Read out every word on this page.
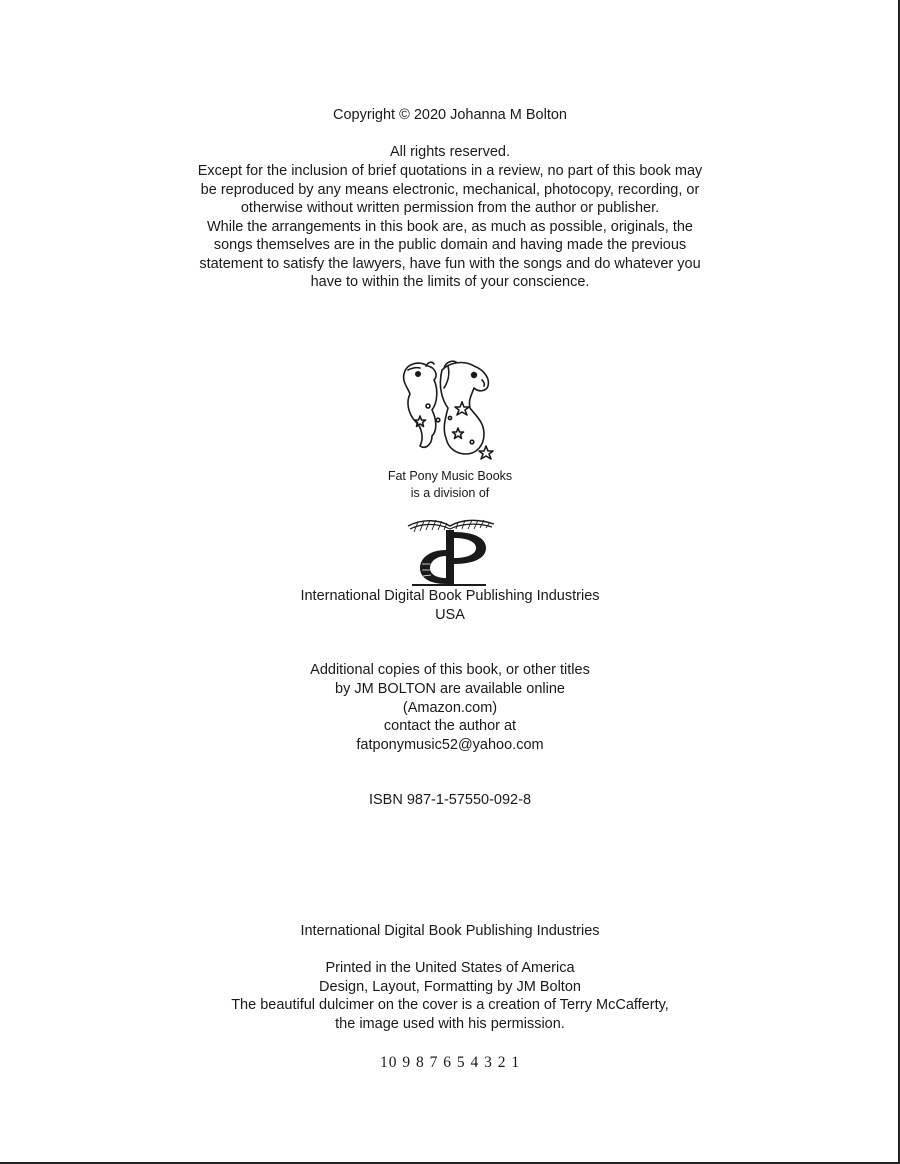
Copyright © 2020 Johanna M Bolton
All rights reserved.
Except for the inclusion of brief quotations in a review, no part of this book may
be reproduced by any means electronic, mechanical, photocopy, recording, or
otherwise without written permission from the author or publisher.
While the arrangements in this book are, as much as possible, originals, the
songs themselves are in the public domain and having made the previous
statement to satisfy the lawyers, have fun with the songs and do whatever you
have to within the limits of your conscience.
Fat Pony Music Books
is a division of
International Digital Book Publishing Industries
USA
Additional copies of this book, or other titles
by JM BOLTON are available online
(Amazon.com)
contact the author at
fatponymusic52@yahoo.com
ISBN 987-1-57550-092-8
International Digital Book Publishing Industries
Printed in the United States of America
Design, Layout, Formatting by JM Bolton
The beautiful dulcimer on the cover is a creation of Terry McCafferty,
the image used with his permission.
10 9 8 7 6 5 4 3 2 1
